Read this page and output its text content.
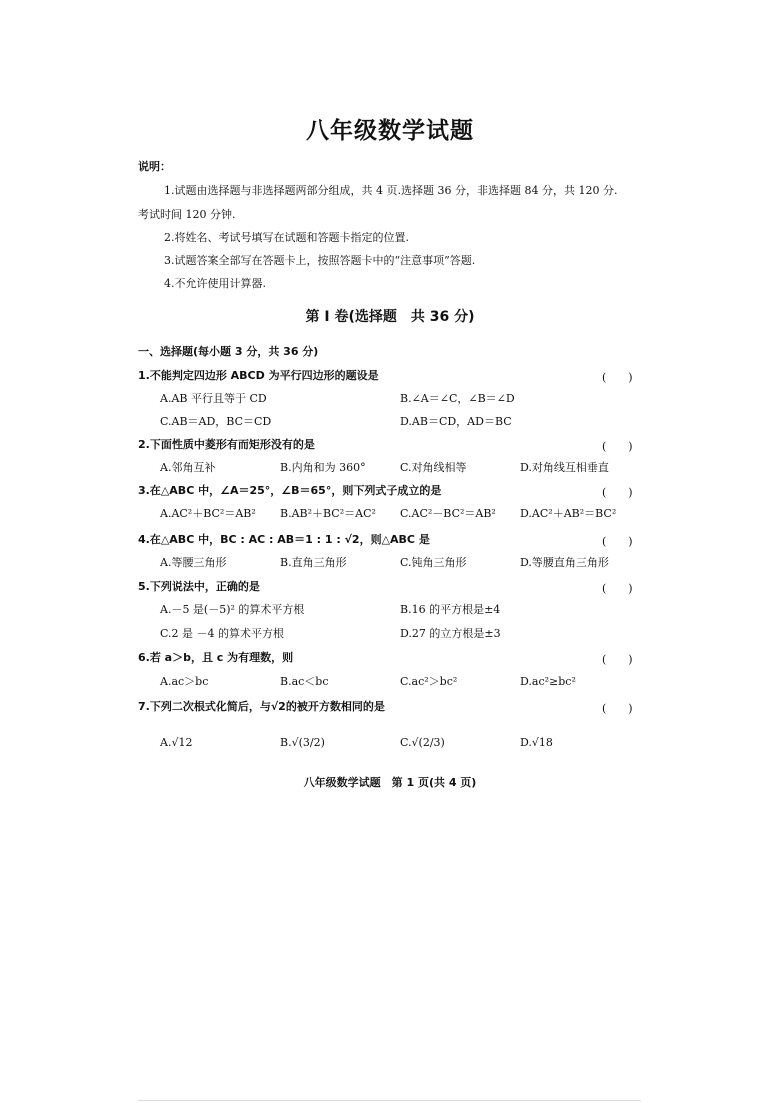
八年级数学试题
说明：
1.试题由选择题与非选择题两部分组成，共 4 页.选择题 36 分，非选择题 84 分，共 120 分.
考试时间 120 分钟.
2.将姓名、考试号填写在试题和答题卡指定的位置.
3.试题答案全部写在答题卡上，按照答题卡中的“注意事项”答题.
4.不允许使用计算器.
第 Ⅰ 卷(选择题　共 36 分)
一、选择题(每小题 3 分，共 36 分)
1.不能判定四边形 ABCD 为平行四边形的题设是	(　　)
A.AB 平行且等于 CD	B.∠A＝∠C，∠B＝∠D
C.AB＝AD，BC＝CD	D.AB＝CD，AD＝BC
2.下面性质中菱形有而矩形没有的是	(　　)
A.邻角互补	B.内角和为 360°	C.对角线相等	D.对角线互相垂直
3.在△ABC 中，∠A＝25°，∠B＝65°，则下列式子成立的是	(　　)
A.AC²＋BC²＝AB² B.AB²＋BC²＝AC² C.AC²－BC²＝AB² D.AC²＋AB²＝BC²
4.在△ABC 中，BC : AC : AB＝1 : 1 : √2，则△ABC 是	(　　)
A.等腰三角形	B.直角三角形	C.钝角三角形	D.等腰直角三角形
5.下列说法中，正确的是	(　　)
A.－5 是(－5)² 的算术平方根	B.16 的平方根是±4
C.2 是 －4 的算术平方根	D.27 的立方根是±3
6.若 a＞b，且 c 为有理数，则	(　　)
A.ac＞bc	B.ac＜bc	C.ac²＞bc²	D.ac²≥bc²
7.下列二次根式化简后，与√2的被开方数相同的是	(　　)
A.√12	B.√(3/2)	C.√(2/3)	D.√18
八年级数学试题　第 1 页(共 4 页)
